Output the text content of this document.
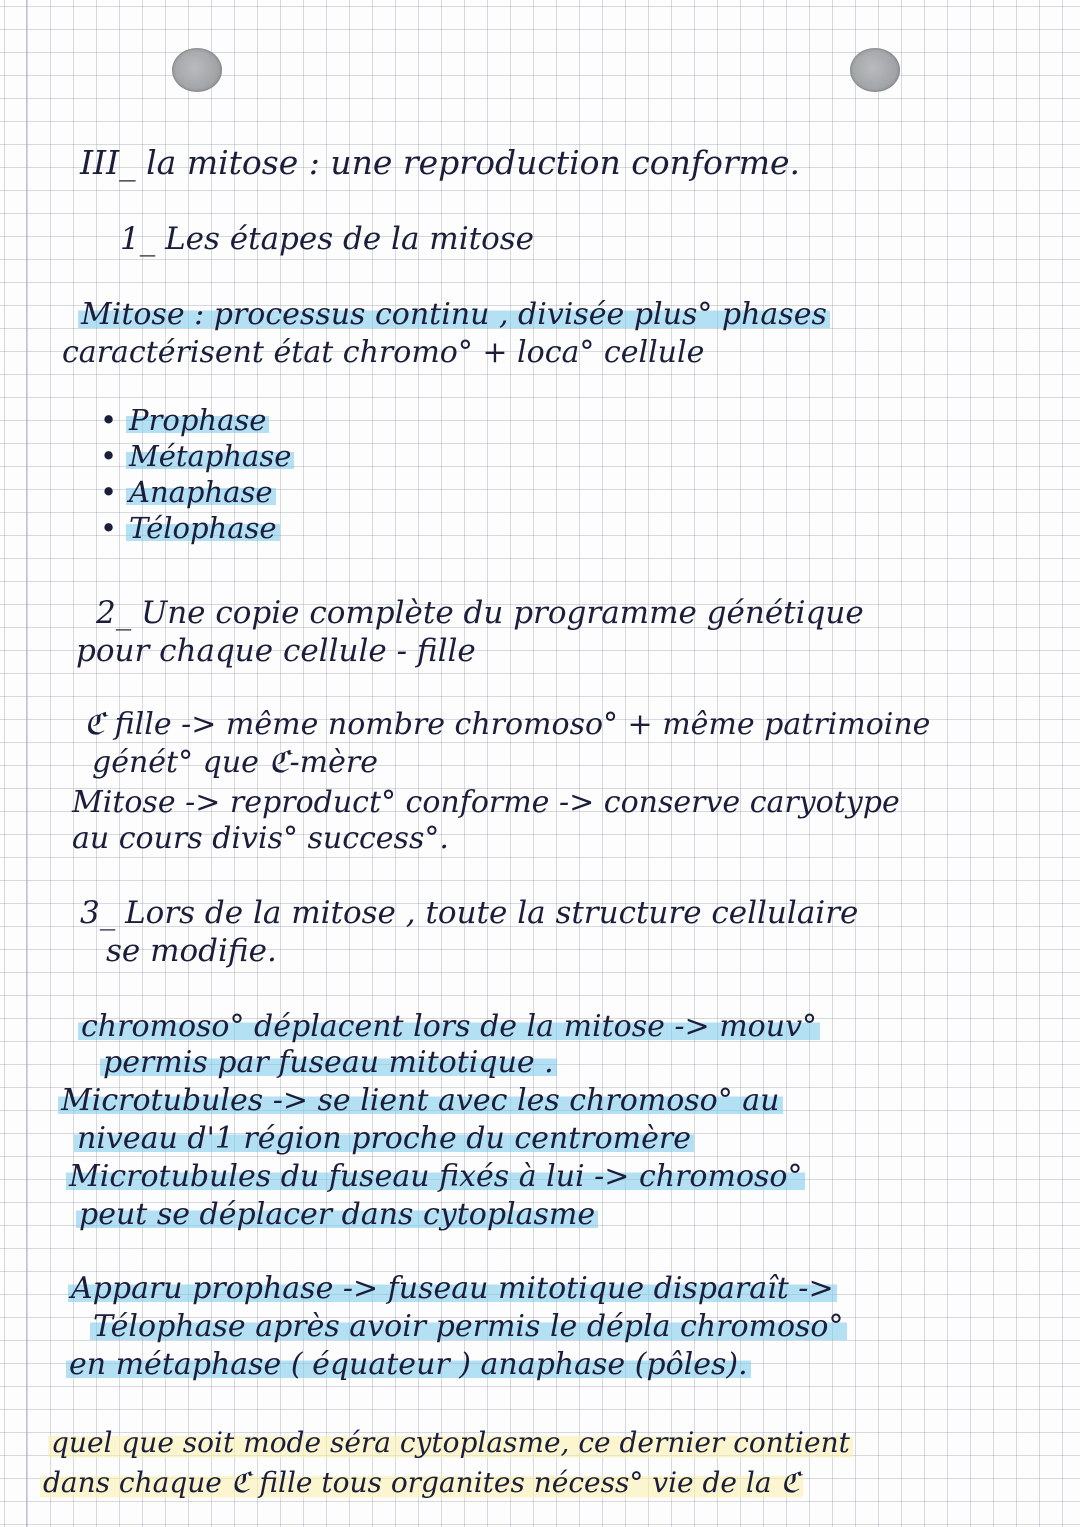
III_ la mitose : une reproduction conforme.
1_ Les étapes de la mitose
Mitose : processus continu , divisée plus° phases
caractérisent état chromo° + loca° cellule
• Prophase
• Métaphase
• Anaphase
• Télophase
2_ Une copie complète du programme génétique
pour chaque cellule - fille
ℭ fille -> même nombre chromoso° + même patrimoine
génét° que ℭ-mère
Mitose -> reproduct° conforme -> conserve caryotype
au cours divis° success°.
3_ Lors de la mitose , toute la structure cellulaire
se modifie.
chromoso° déplacent lors de la mitose -> mouv°
permis par fuseau mitotique .
Microtubules -> se lient avec les chromoso° au
niveau d'1 région proche du centromère
Microtubules du fuseau fixés à lui -> chromoso°
peut se déplacer dans cytoplasme
Apparu prophase -> fuseau mitotique disparaît ->
Télophase après avoir permis le dépla chromoso°
en métaphase ( équateur ) anaphase (pôles).
quel que soit mode séra cytoplasme, ce dernier contient
dans chaque ℭ fille tous organites nécess° vie de la ℭ
